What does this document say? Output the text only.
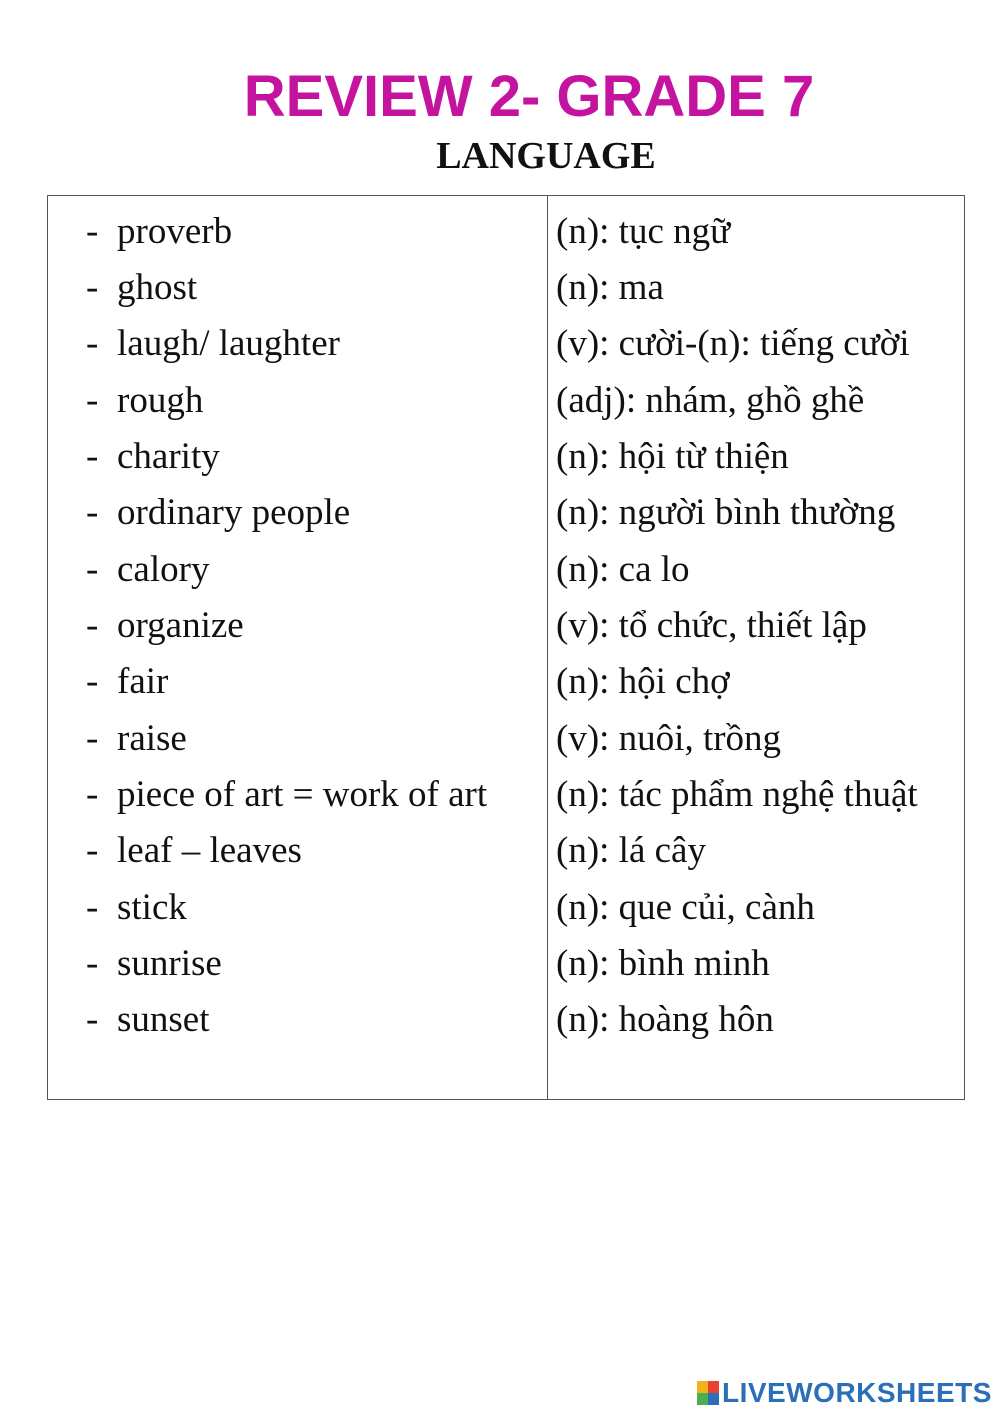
REVIEW 2- GRADE 7
LANGUAGE
- proverb	(n): tục ngữ
- ghost	(n): ma
- laugh/ laughter	(v): cười-(n): tiếng cười
- rough	(adj): nhám, ghồ ghề
- charity	(n): hội từ thiện
- ordinary people	(n): người bình thường
- calory	(n): ca lo
- organize	(v): tổ chức, thiết lập
- fair	(n): hội chợ
- raise	(v): nuôi, trồng
- piece of art = work of art (n): tác phẩm nghệ thuật
- leaf – leaves	(n): lá cây
- stick	(n): que củi, cành
- sunrise	(n): bình minh
- sunset	(n): hoàng hôn
LIVEWORKSHEETS
